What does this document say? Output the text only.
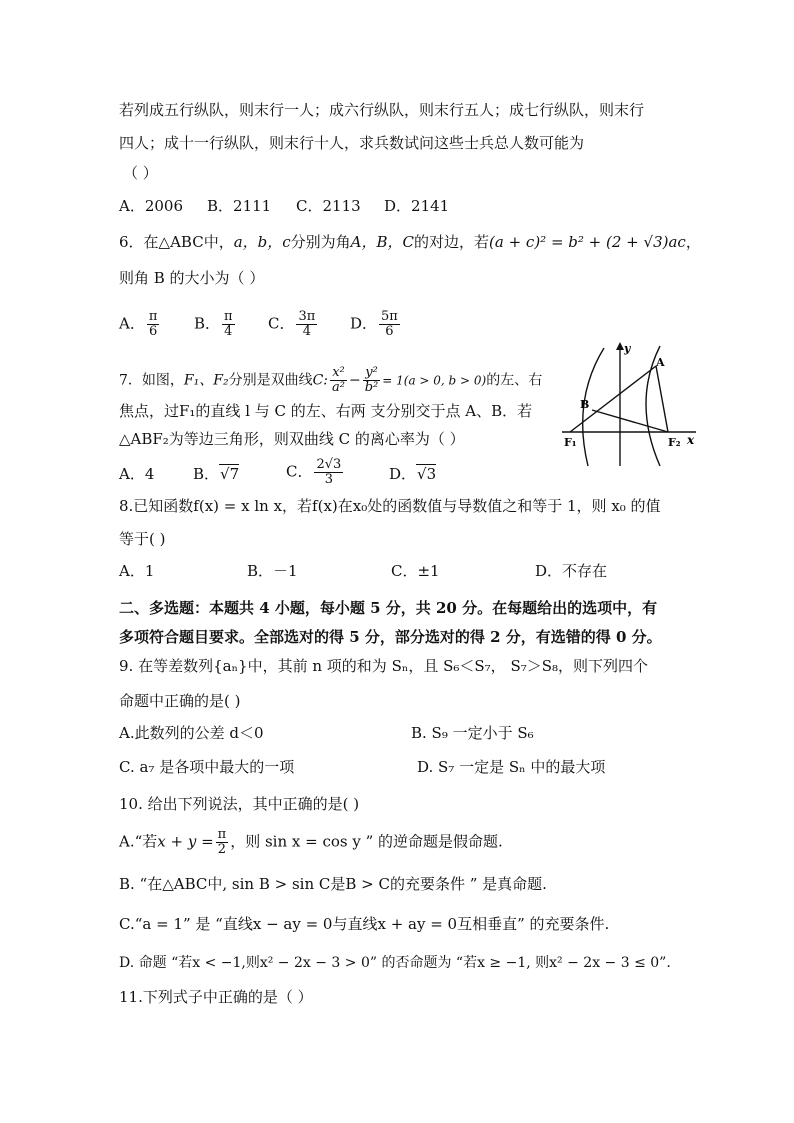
若列成五行纵队，则末行一人；成六行纵队，则末行五人；成七行纵队，则末行
四人；成十一行纵队，则末行十人，求兵数试问这些士兵总人数可能为
（ ）
A．2006 B．2111 C．2113 D．2141
6．在△ABC中，a，b，c分别为角A，B，C的对边，若(a + c)² = b² + (2 + √3)ac，
则角 B 的大小为（ ）
A． $\frac{\pi}{6}$ B． $\frac{\pi}{4}$ C． $\frac{3\pi}{4}$ D． $\frac{5\pi}{6}$
7．如图，F₁、F₂分别是双曲线C: $\frac{\text{x²}}{\text{a²}} - \frac{\text{y²}}{\text{b²}} = 1(a > 0$, b > 0)的左、右
焦点，过F₁的直线 l 与 C 的左、右两 支分别交于点 A、B．若
△ABF₂为等边三角形，则双曲线 C 的离心率为（ ）
A．4	B．√7	C． $\frac{2√3}{3}$	D．√3
y
x
A
B
F₁	F₂
8.已知函数f(x) = x ln x，若f(x)在x₀处的函数值与导数值之和等于 1，则 x₀ 的值
等于( )
A．1	B．－1	C．±1	D．不存在
二、多选题：本题共 4 小题，每小题 5 分，共 20 分。在每题给出的选项中，有
多项符合题目要求。全部选对的得 5 分，部分选对的得 2 分，有选错的得 0 分。
9. 在等差数列{aₙ}中，其前 n 项的和为 Sₙ，且 S₆＜S₇， S₇＞S₈，则下列四个
命题中正确的是( )
A.此数列的公差 d＜0	B. S₉ 一定小于 S₆
C. a₇ 是各项中最大的一项	D. S₇ 一定是 Sₙ 中的最大项
10. 给出下列说法，其中正确的是( )
A.“若$x + y = \frac{\pi}{2}$ ，则 sin x = cos y ” 的逆命题是假命题.
B. “在△ABC中, sin B > sin C是B > C的充要条件 ” 是真命题.
C.“a = 1” 是 “直线x − ay = 0与直线x + ay = 0互相垂直” 的充要条件.
D. 命题 “若x < −1,则x² − 2x − 3 > 0” 的否命题为 “若x ≥ −1, 则x² − 2x − 3 ≤ 0”.
11.下列式子中正确的是（ ）
